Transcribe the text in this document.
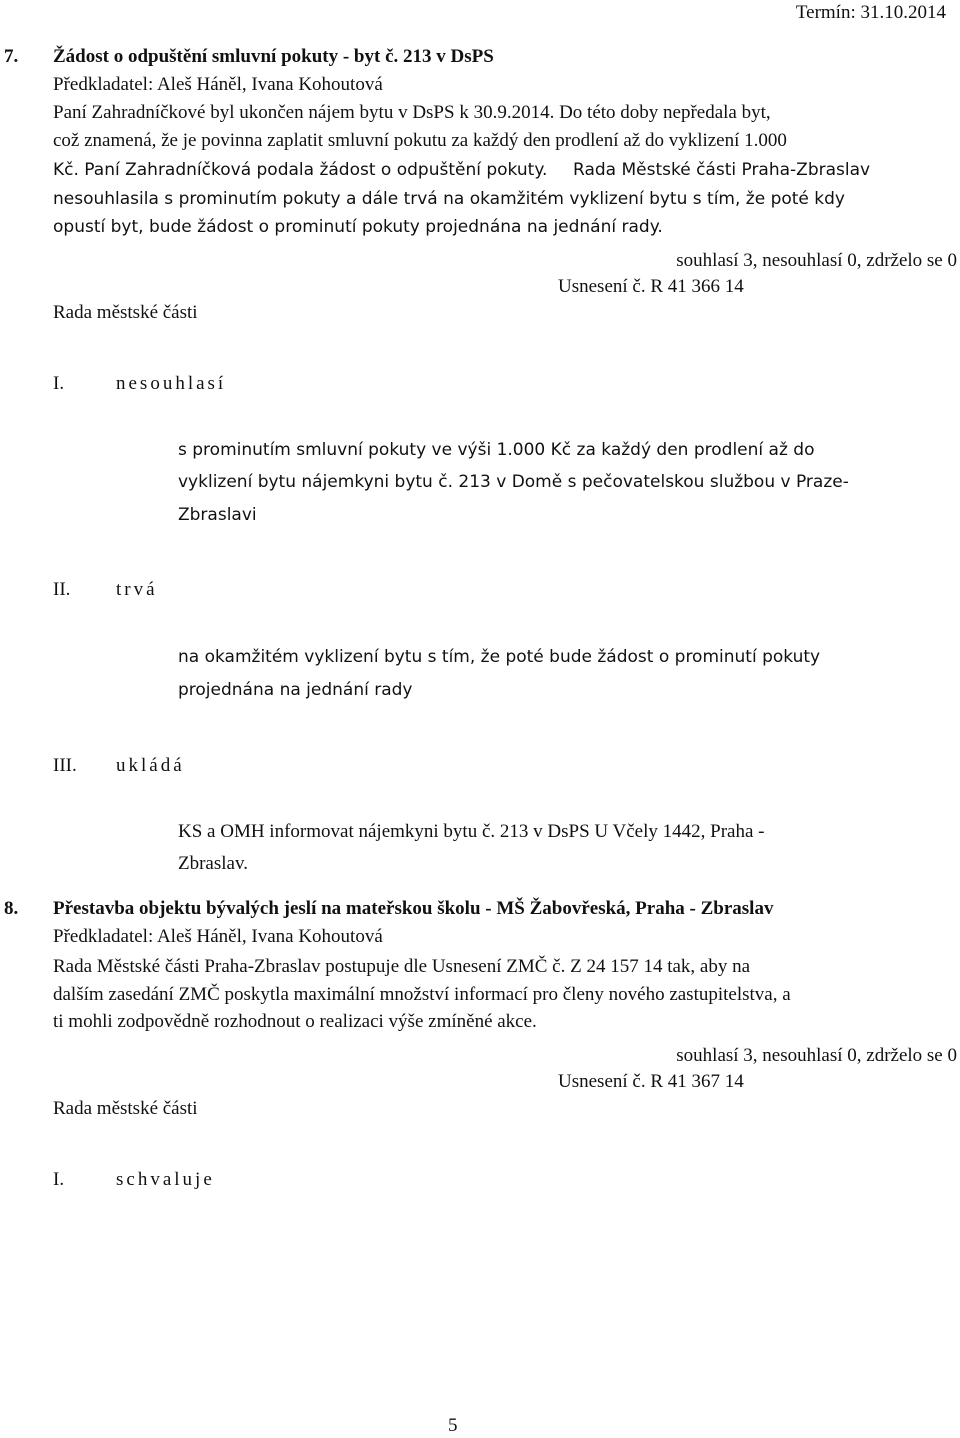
Termín: 31.10.2014
7. Žádost o odpuštění smluvní pokuty - byt č. 213 v DsPS
Předkladatel: Aleš Háněl, Ivana Kohoutová
Paní Zahradníčkové byl ukončen nájem bytu v DsPS k 30.9.2014. Do této doby nepředala byt,
což znamená, že je povinna zaplatit smluvní pokutu za každý den prodlení až do vyklizení 1.000
Kč. Paní Zahradníčková podala žádost o odpuštění pokuty. Rada Městské části Praha-Zbraslav
nesouhlasila s prominutím pokuty a dále trvá na okamžitém vyklizení bytu s tím, že poté kdy
opustí byt, bude žádost o prominutí pokuty projednána na jednání rady.
souhlasí 3, nesouhlasí 0, zdrželo se 0
Usnesení č. R 41 366 14
Rada městské části
I.	nesouhlasí
s prominutím smluvní pokuty ve výši 1.000 Kč za každý den prodlení až do
vyklizení bytu nájemkyni bytu č. 213 v Domě s pečovatelskou službou v Praze-
Zbraslavi
II. trvá
na okamžitém vyklizení bytu s tím, že poté bude žádost o prominutí pokuty
projednána na jednání rady
III. ukládá
KS a OMH informovat nájemkyni bytu č. 213 v DsPS U Včely 1442, Praha -
Zbraslav.
8. Přestavba objektu bývalých jeslí na mateřskou školu - MŠ Žabovřeská, Praha - Zbraslav
Předkladatel: Aleš Háněl, Ivana Kohoutová
Rada Městské části Praha-Zbraslav postupuje dle Usnesení ZMČ č. Z 24 157 14 tak, aby na
dalším zasedání ZMČ poskytla maximální množství informací pro členy nového zastupitelstva, a
ti mohli zodpovědně rozhodnout o realizaci výše zmíněné akce.
souhlasí 3, nesouhlasí 0, zdrželo se 0
Usnesení č. R 41 367 14
Rada městské části
I.	schvaluje
5
